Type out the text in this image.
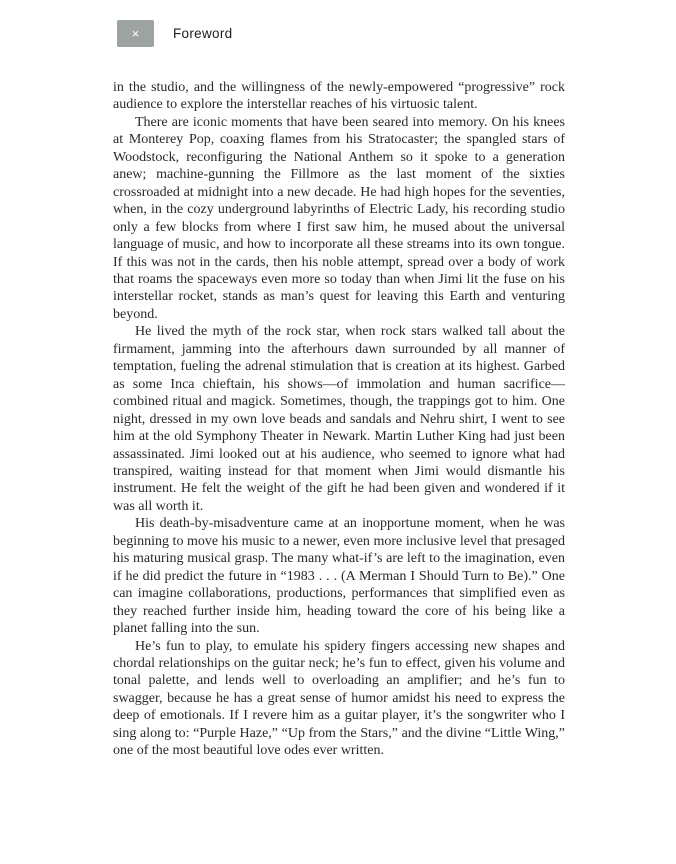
× Foreword

in the studio, and the willingness of the newly-empowered “progressive” rock audience to explore the interstellar reaches of his virtuosic talent.

There are iconic moments that have been seared into memory. On his knees at Monterey Pop, coaxing flames from his Stratocaster; the spangled stars of Woodstock, reconfiguring the National Anthem so it spoke to a generation anew; machine-gunning the Fillmore as the last moment of the sixties crossroaded at midnight into a new decade. He had high hopes for the seventies, when, in the cozy underground labyrinths of Electric Lady, his recording studio only a few blocks from where I first saw him, he mused about the universal language of music, and how to incorporate all these streams into its own tongue. If this was not in the cards, then his noble attempt, spread over a body of work that roams the spaceways even more so today than when Jimi lit the fuse on his interstellar rocket, stands as man’s quest for leaving this Earth and venturing beyond.

He lived the myth of the rock star, when rock stars walked tall about the firmament, jamming into the afterhours dawn surrounded by all manner of temptation, fueling the adrenal stimulation that is creation at its highest. Garbed as some Inca chieftain, his shows—of immolation and human sacrifice—combined ritual and magick. Sometimes, though, the trappings got to him. One night, dressed in my own love beads and sandals and Nehru shirt, I went to see him at the old Symphony Theater in Newark. Martin Luther King had just been assassinated. Jimi looked out at his audience, who seemed to ignore what had transpired, waiting instead for that moment when Jimi would dismantle his instrument. He felt the weight of the gift he had been given and wondered if it was all worth it.

His death-by-misadventure came at an inopportune moment, when he was beginning to move his music to a newer, even more inclusive level that presaged his maturing musical grasp. The many what-if’s are left to the imagination, even if he did predict the future in “1983 . . . (A Merman I Should Turn to Be).” One can imagine collaborations, productions, performances that simplified even as they reached further inside him, heading toward the core of his being like a planet falling into the sun.

He’s fun to play, to emulate his spidery fingers accessing new shapes and chordal relationships on the guitar neck; he’s fun to effect, given his volume and tonal palette, and lends well to overloading an amplifier; and he’s fun to swagger, because he has a great sense of humor amidst his need to express the deep of emotionals. If I revere him as a guitar player, it’s the songwriter who I sing along to: “Purple Haze,” “Up from the Stars,” and the divine “Little Wing,” one of the most beautiful love odes ever written.
